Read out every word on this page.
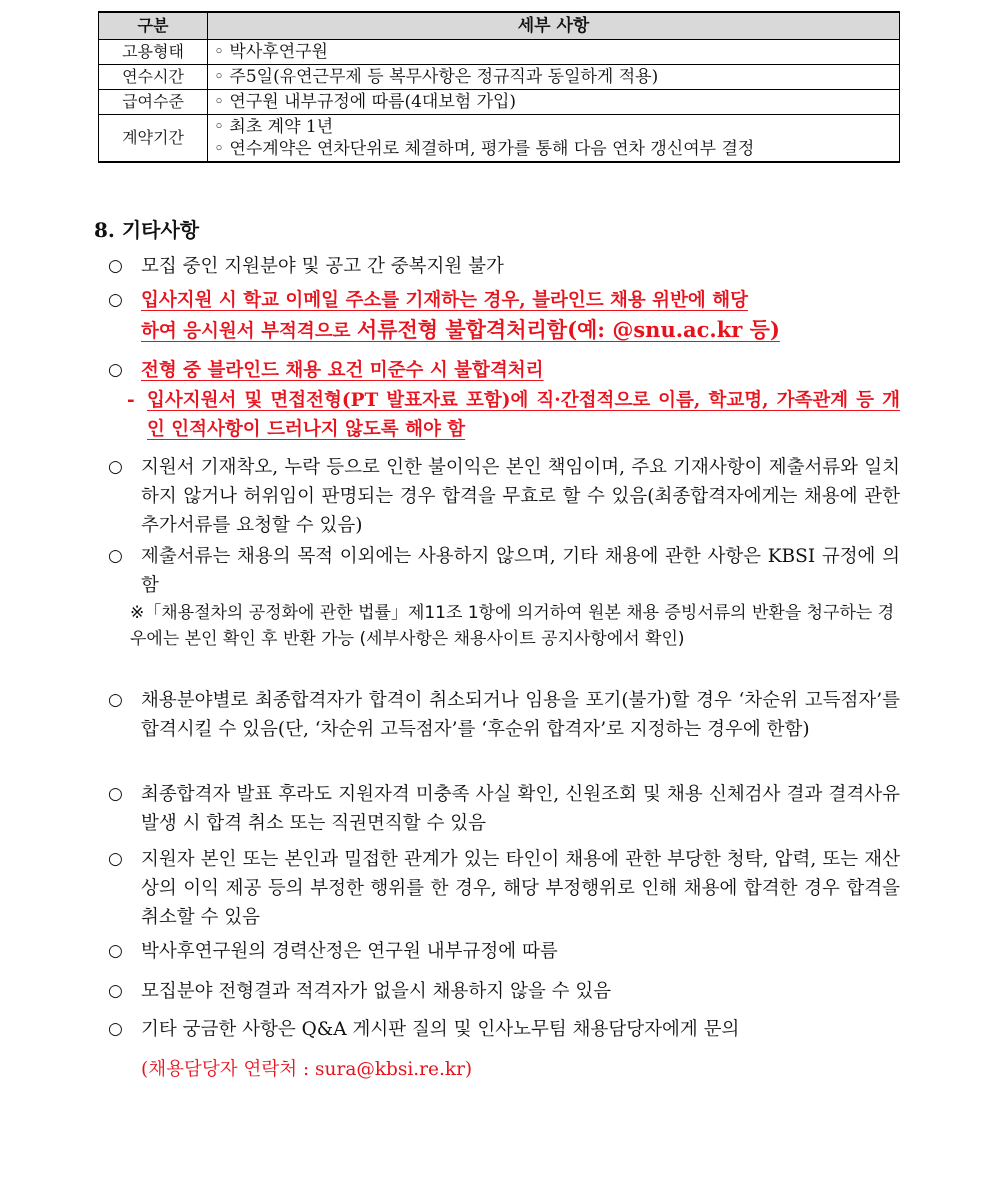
구분	세부 사항
고용형태	◦ 박사후연구원
연수시간	◦ 주5일(유연근무제 등 복무사항은 정규직과 동일하게 적용)
급여수준	◦ 연구원 내부규정에 따름(4대보험 가입)
계약기간	◦ 최초 계약 1년
◦ 연수계약은 연차단위로 체결하며, 평가를 통해 다음 연차 갱신여부 결정
8. 기타사항
○ 모집 중인 지원분야 및 공고 간 중복지원 불가
○ 입사지원 시 학교 이메일 주소를 기재하는 경우, 블라인드 채용 위반에 해당
하여 응시원서 부적격으로 서류전형 불합격처리함(예: @snu.ac.kr 등)
○ 전형 중 블라인드 채용 요건 미준수 시 불합격처리
- 입사지원서 및 면접전형(PT 발표자료 포함)에 직·간접적으로 이름, 학교명, 가족관계 등 개인 인적사항이 드러나지 않도록 해야 함
○ 지원서 기재착오, 누락 등으로 인한 불이익은 본인 책임이며, 주요 기재사항이 제출서류와 일치하지 않거나 허위임이 판명되는 경우 합격을 무효로 할 수 있음(최종합격자에게는 채용에 관한 추가서류를 요청할 수 있음)
○ 제출서류는 채용의 목적 이외에는 사용하지 않으며, 기타 채용에 관한 사항은 KBSI 규정에 의함
※「채용절차의 공정화에 관한 법률」제11조 1항에 의거하여 원본 채용 증빙서류의 반환을 청구하는 경우에는 본인 확인 후 반환 가능 (세부사항은 채용사이트 공지사항에서 확인)
○ 채용분야별로 최종합격자가 합격이 취소되거나 임용을 포기(불가)할 경우 ‘차순위 고득점자’를 합격시킬 수 있음(단, ‘차순위 고득점자’를 ‘후순위 합격자’로 지정하는 경우에 한함)
○ 최종합격자 발표 후라도 지원자격 미충족 사실 확인, 신원조회 및 채용 신체검사 결과 결격사유 발생 시 합격 취소 또는 직권면직할 수 있음
○ 지원자 본인 또는 본인과 밀접한 관계가 있는 타인이 채용에 관한 부당한 청탁, 압력, 또는 재산상의 이익 제공 등의 부정한 행위를 한 경우, 해당 부정행위로 인해 채용에 합격한 경우 합격을 취소할 수 있음
○ 박사후연구원의 경력산정은 연구원 내부규정에 따름
○ 모집분야 전형결과 적격자가 없을시 채용하지 않을 수 있음
○ 기타 궁금한 사항은 Q&A 게시판 질의 및 인사노무팀 채용담당자에게 문의
(채용담당자 연락처 : sura@kbsi.re.kr)
